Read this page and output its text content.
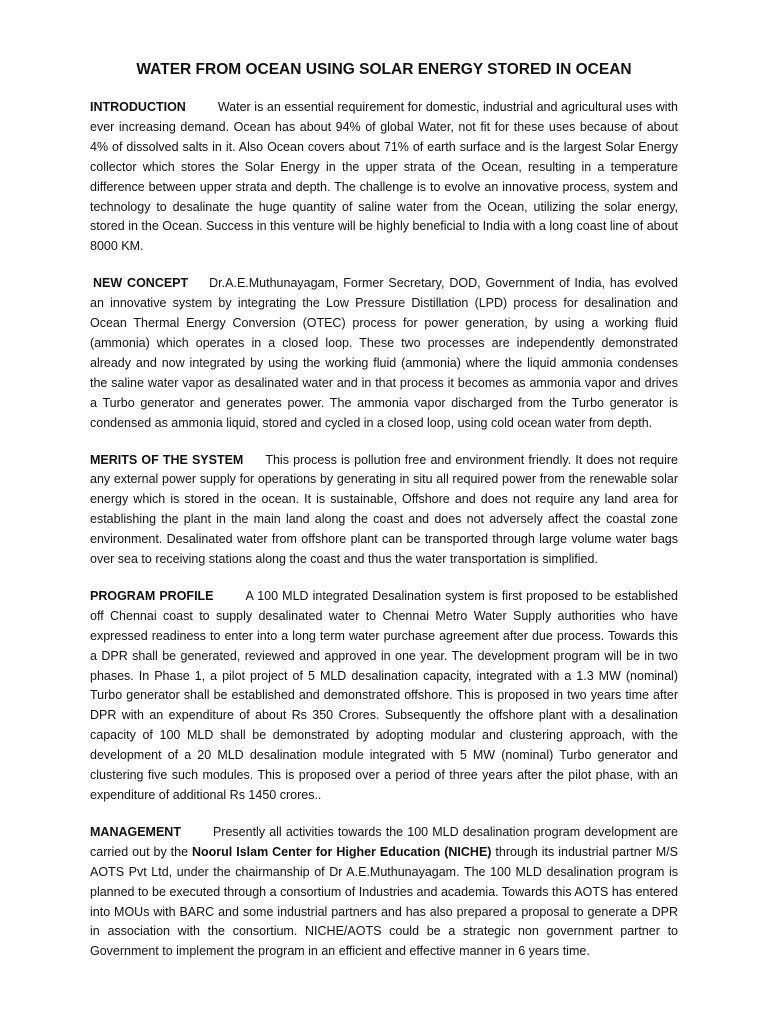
WATER FROM OCEAN USING SOLAR ENERGY STORED IN OCEAN

INTRODUCTION	Water is an essential requirement for domestic, industrial and agricultural uses with ever increasing demand. Ocean has about 94% of global Water, not fit for these uses because of about 4% of dissolved salts in it. Also Ocean covers about 71% of earth surface and is the largest Solar Energy collector which stores the Solar Energy in the upper strata of the Ocean, resulting in a temperature difference between upper strata and depth. The challenge is to evolve an innovative process, system and technology to desalinate the huge quantity of saline water from the Ocean, utilizing the solar energy, stored in the Ocean. Success in this venture will be highly beneficial to India with a long coast line of about 8000 KM.

NEW CONCEPT Dr.A.E.Muthunayagam, Former Secretary, DOD, Government of India, has evolved an innovative system by integrating the Low Pressure Distillation (LPD) process for desalination and Ocean Thermal Energy Conversion (OTEC) process for power generation, by using a working fluid (ammonia) which operates in a closed loop. These two processes are independently demonstrated already and now integrated by using the working fluid (ammonia) where the liquid ammonia condenses the saline water vapor as desalinated water and in that process it becomes as ammonia vapor and drives a Turbo generator and generates power. The ammonia vapor discharged from the Turbo generator is condensed as ammonia liquid, stored and cycled in a closed loop, using cold ocean water from depth.

MERITS OF THE SYSTEM This process is pollution free and environment friendly. It does not require any external power supply for operations by generating in situ all required power from the renewable solar energy which is stored in the ocean. It is sustainable, Offshore and does not require any land area for establishing the plant in the main land along the coast and does not adversely affect the coastal zone environment. Desalinated water from offshore plant can be transported through large volume water bags over sea to receiving stations along the coast and thus the water transportation is simplified.

PROGRAM PROFILE	A 100 MLD integrated Desalination system is first proposed to be established off Chennai coast to supply desalinated water to Chennai Metro Water Supply authorities who have expressed readiness to enter into a long term water purchase agreement after due process. Towards this a DPR shall be generated, reviewed and approved in one year. The development program will be in two phases. In Phase 1, a pilot project of 5 MLD desalination capacity, integrated with a 1.3 MW (nominal) Turbo generator shall be established and demonstrated offshore. This is proposed in two years time after DPR with an expenditure of about Rs 350 Crores. Subsequently the offshore plant with a desalination capacity of 100 MLD shall be demonstrated by adopting modular and clustering approach, with the development of a 20 MLD desalination module integrated with 5 MW (nominal) Turbo generator and clustering five such modules. This is proposed over a period of three years after the pilot phase, with an expenditure of additional Rs 1450 crores..

MANAGEMENT	Presently all activities towards the 100 MLD desalination program development are carried out by the Noorul Islam Center for Higher Education (NICHE) through its industrial partner M/S AOTS Pvt Ltd, under the chairmanship of Dr A.E.Muthunayagam. The 100 MLD desalination program is planned to be executed through a consortium of Industries and academia. Towards this AOTS has entered into MOUs with BARC and some industrial partners and has also prepared a proposal to generate a DPR in association with the consortium. NICHE/AOTS could be a strategic non government partner to Government to implement the program in an efficient and effective manner in 6 years time.
